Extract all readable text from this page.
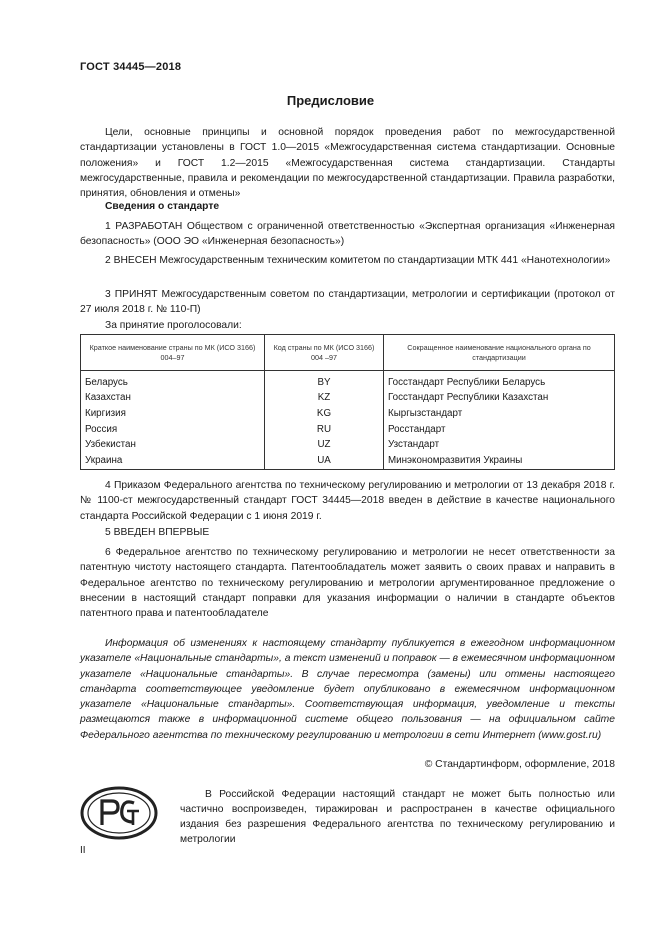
ГОСТ 34445—2018
Предисловие

Цели, основные принципы и основной порядок проведения работ по межгосударственной стандартизации установлены в ГОСТ 1.0—2015 «Межгосударственная система стандартизации. Основные положения» и ГОСТ 1.2—2015 «Межгосударственная система стандартизации. Стандарты межгосударственные, правила и рекомендации по межгосударственной стандартизации. Правила разработки, принятия, обновления и отмены»

Сведения о стандарте

1 РАЗРАБОТАН Обществом с ограниченной ответственностью «Экспертная организация «Инженерная безопасность» (ООО ЭО «Инженерная безопасность»)

2 ВНЕСЕН Межгосударственным техническим комитетом по стандартизации МТК 441 «Нанотехнологии»

3 ПРИНЯТ Межгосударственным советом по стандартизации, метрологии и сертификации (протокол от 27 июля 2018 г. № 110-П)

За принятие проголосовали:
Краткое наименование страны по МК (ИСО 3166) 004–97	Код страны по МК (ИСО 3166) 004 –97	Сокращенное наименование национального органа по стандартизации
Беларусь	BY	Госстандарт Республики Беларусь
Казахстан	KZ	Госстандарт Республики Казахстан
Киргизия	KG	Кыргызстандарт
Россия	RU	Росстандарт
Узбекистан	UZ	Узстандарт
Украина	UA	Минэкономразвития Украины

4 Приказом Федерального агентства по техническому регулированию и метрологии от 13 декабря 2018 г. № 1100-ст межгосударственный стандарт ГОСТ 34445—2018 введен в действие в качестве национального стандарта Российской Федерации с 1 июня 2019 г.

5 ВВЕДЕН ВПЕРВЫЕ

6 Федеральное агентство по техническому регулированию и метрологии не несет ответственности за патентную чистоту настоящего стандарта. Патентообладатель может заявить о своих правах и направить в Федеральное агентство по техническому регулированию и метрологии аргументированное предложение о внесении в настоящий стандарт поправки для указания информации о наличии в стандарте объектов патентного права и патентообладателе

Информация об изменениях к настоящему стандарту публикуется в ежегодном информационном указателе «Национальные стандарты», а текст изменений и поправок — в ежемесячном информационном указателе «Национальные стандарты». В случае пересмотра (замены) или отмены настоящего стандарта соответствующее уведомление будет опубликовано в ежемесячном информационном указателе «Национальные стандарты». Соответствующая информация, уведомление и тексты размещаются также в информационной системе общего пользования — на официальном сайте Федерального агентства по техническому регулированию и метрологии в сети Интернет (www.gost.ru)

© Стандартинформ, оформление, 2018
РСТ

В Российской Федерации настоящий стандарт не может быть полностью или частично воспроизведен, тиражирован и распространен в качестве официального издания без разрешения Федерального агентства по техническому регулированию и метрологии

II
